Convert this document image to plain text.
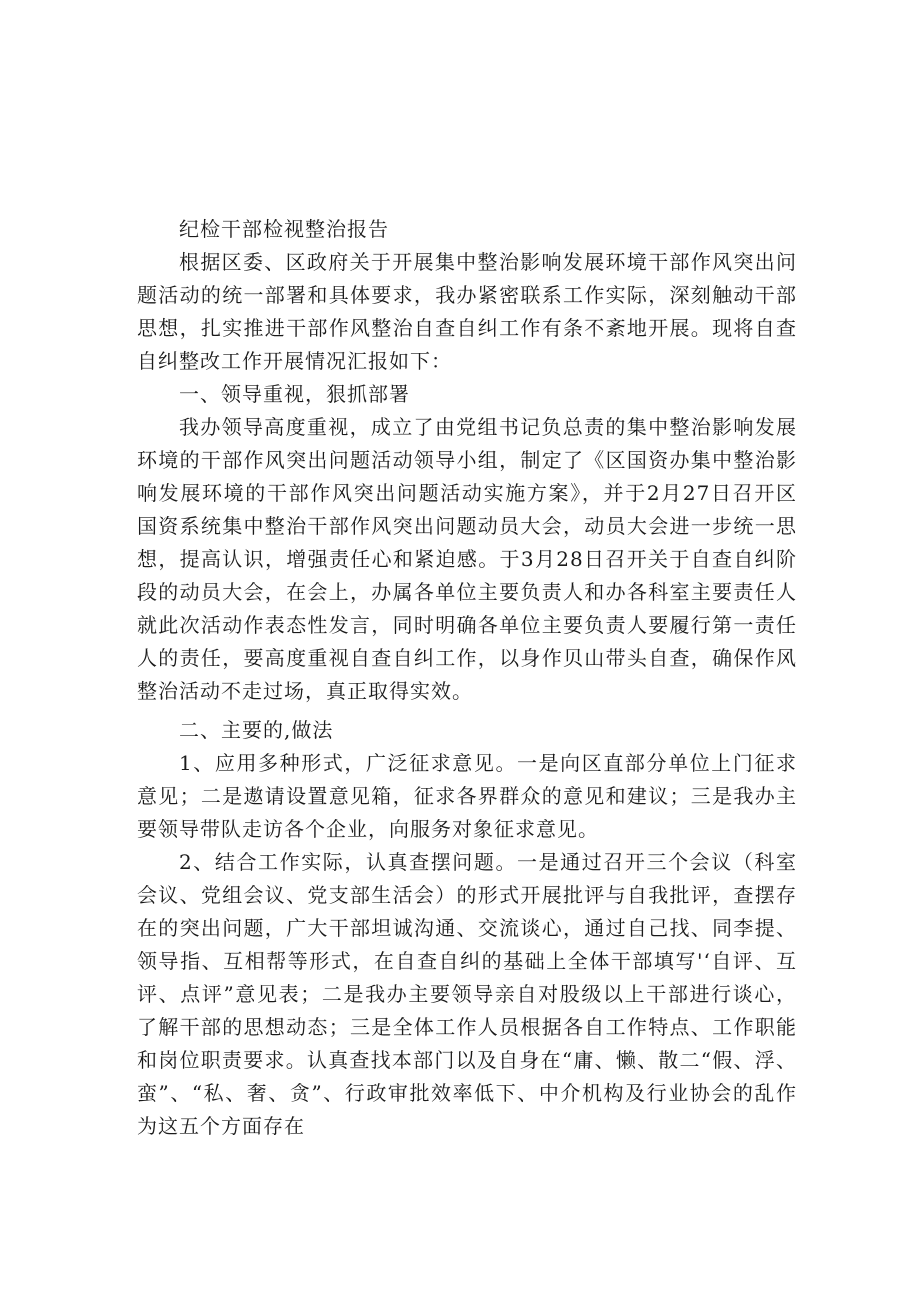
纪检干部检视整治报告

根据区委、区政府关于开展集中整治影响发展环境干部作风突出问题活动的统一部署和具体要求，我办紧密联系工作实际，深刻触动干部思想，扎实推进干部作风整治自查自纠工作有条不紊地开展。现将自查自纠整改工作开展情况汇报如下：

一、领导重视，狠抓部署

我办领导高度重视，成立了由党组书记负总责的集中整治影响发展环境的干部作风突出问题活动领导小组，制定了《区国资办集中整治影响发展环境的干部作风突出问题活动实施方案》，并于2月27日召开区国资系统集中整治干部作风突出问题动员大会，动员大会进一步统一思想，提高认识，增强责任心和紧迫感。于3月28日召开关于自查自纠阶段的动员大会，在会上，办属各单位主要负责人和办各科室主要责任人就此次活动作表态性发言，同时明确各单位主要负责人要履行第一责任人的责任，要高度重视自查自纠工作，以身作贝山带头自查，确保作风整治活动不走过场，真正取得实效。

二、主要的,做法

1、应用多种形式，广泛征求意见。一是向区直部分单位上门征求意见；二是遨请设置意见箱，征求各界群众的意见和建议；三是我办主要领导带队走访各个企业，向服务对象征求意见。

2、结合工作实际，认真查摆问题。一是通过召开三个会议（科室会议、党组会议、党支部生活会）的形式开展批评与自我批评，查摆存在的突出问题，广大干部坦诚沟通、交流谈心，通过自己找、同李提、领导指、互相帮等形式，在自查自纠的基础上全体干部填写'‘自评、互评、点评”意见表；二是我办主要领导亲自对股级以上干部进行谈心，了解干部的思想动态；三是全体工作人员根据各自工作特点、工作职能和岗位职责要求。认真查找本部门以及自身在“庸、懒、散二“假、浮、蛮”、“私、奢、贪”、行政审批效率低下、中介机构及行业协会的乱作为这五个方面存在
